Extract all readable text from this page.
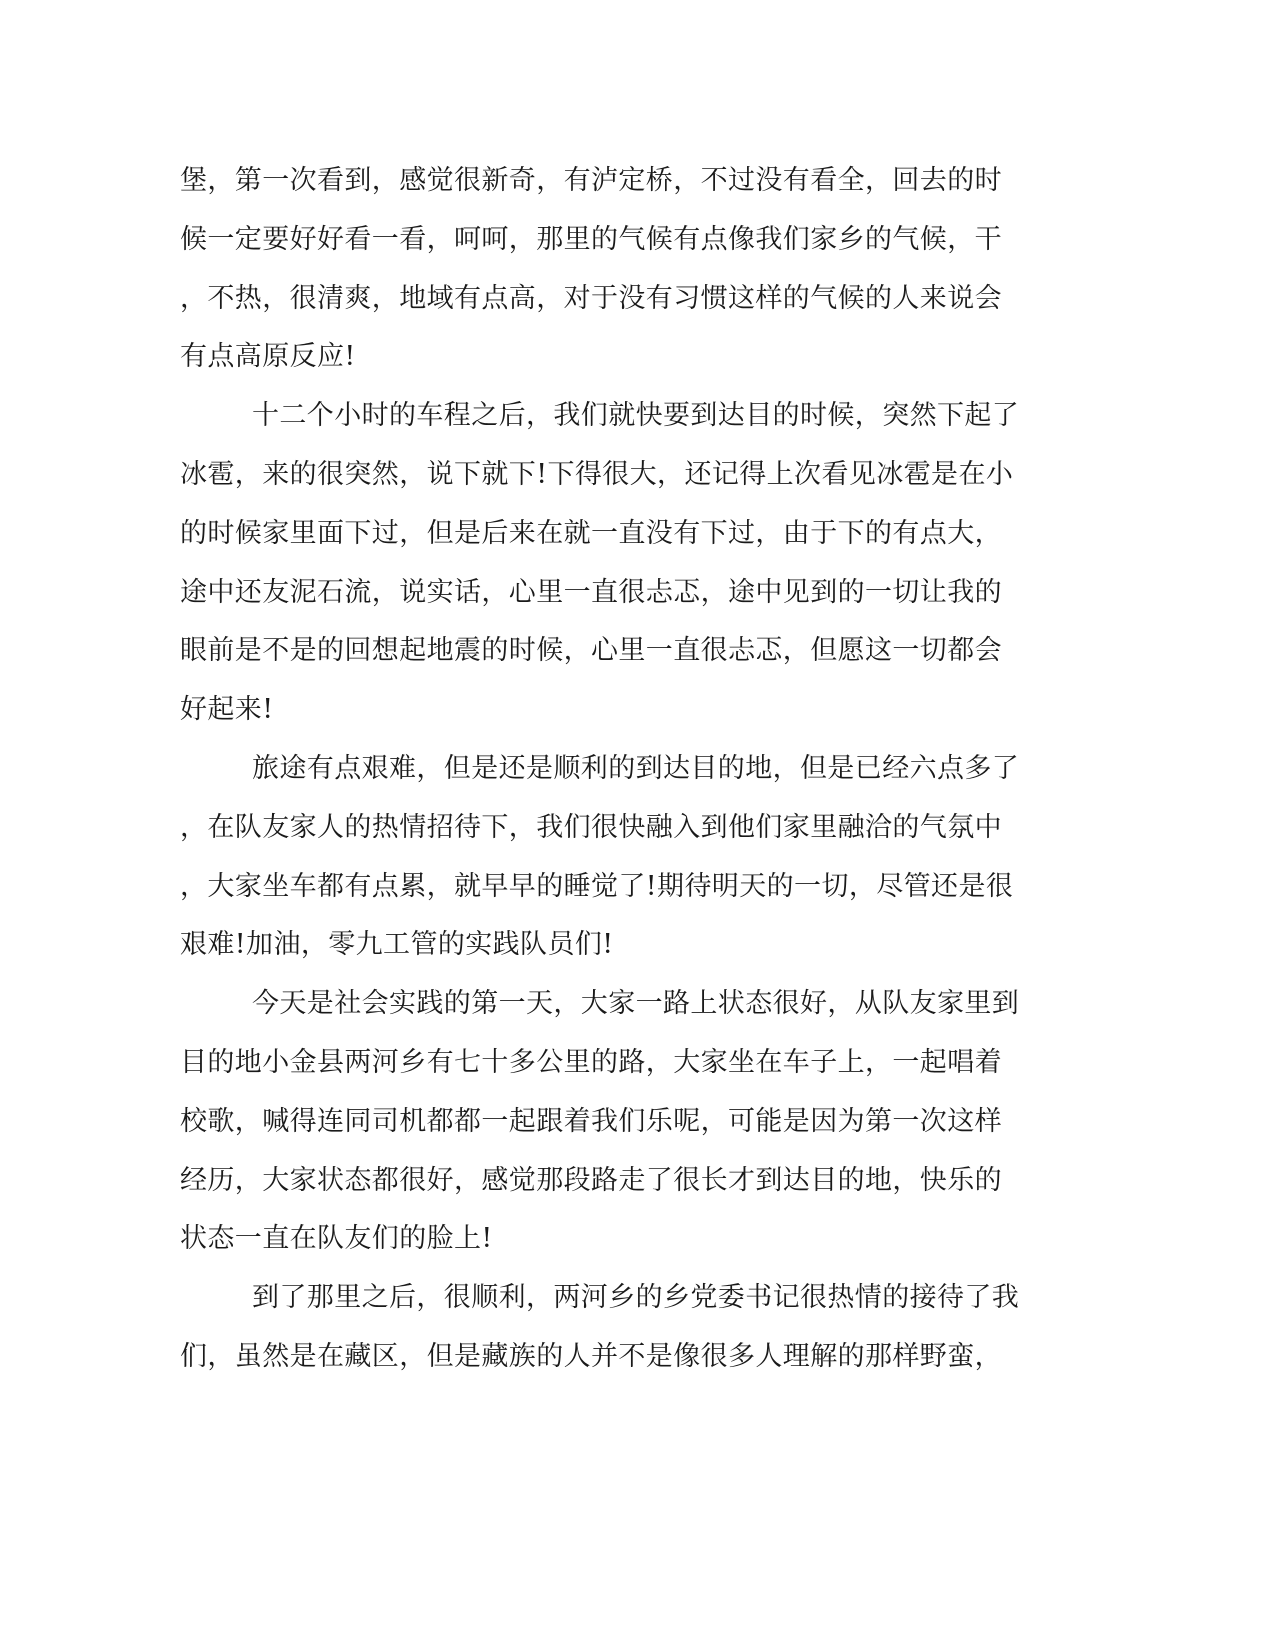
堡，第一次看到，感觉很新奇，有泸定桥，不过没有看全，回去的时
候一定要好好看一看，呵呵，那里的气候有点像我们家乡的气候，干
，不热，很清爽，地域有点高，对于没有习惯这样的气候的人来说会
有点高原反应!
十二个小时的车程之后，我们就快要到达目的时候，突然下起了
冰雹，来的很突然，说下就下!下得很大，还记得上次看见冰雹是在小
的时候家里面下过，但是后来在就一直没有下过，由于下的有点大，
途中还友泥石流，说实话，心里一直很忐忑，途中见到的一切让我的
眼前是不是的回想起地震的时候，心里一直很忐忑，但愿这一切都会
好起来!
旅途有点艰难，但是还是顺利的到达目的地，但是已经六点多了
，在队友家人的热情招待下，我们很快融入到他们家里融洽的气氛中
，大家坐车都有点累，就早早的睡觉了!期待明天的一切，尽管还是很
艰难!加油，零九工管的实践队员们!
今天是社会实践的第一天，大家一路上状态很好，从队友家里到
目的地小金县两河乡有七十多公里的路，大家坐在车子上，一起唱着
校歌，喊得连同司机都都一起跟着我们乐呢，可能是因为第一次这样
经历，大家状态都很好，感觉那段路走了很长才到达目的地，快乐的
状态一直在队友们的脸上!
到了那里之后，很顺利，两河乡的乡党委书记很热情的接待了我
们，虽然是在藏区，但是藏族的人并不是像很多人理解的那样野蛮，
